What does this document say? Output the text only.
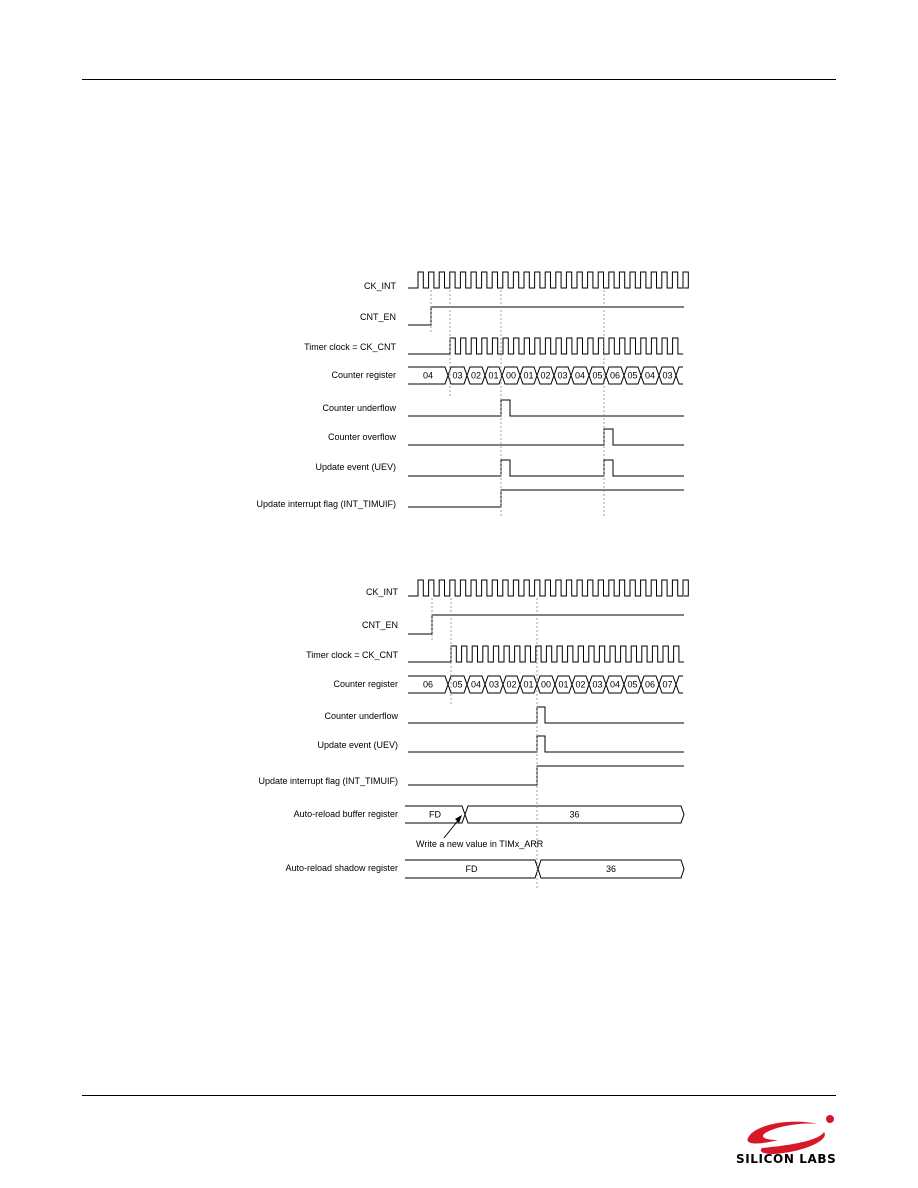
CK_INT
CNT_EN
Timer clock = CK_CNT
Counter register
Counter underflow
Counter overflow
Update event (UEV)
Update interrupt flag (INT_TIMUIF)
04 03 02 01 00 01 02 03 04 05 06 05 04 03
CK_INT
CNT_EN
Timer clock = CK_CNT
Counter register
Counter underflow
Update event (UEV)
Update interrupt flag (INT_TIMUIF)
Auto-reload buffer register
Write a new value in TIMx_ARR
Auto-reload shadow register
06 05 04 03 02 01 00 01 02 03 04 05 06 07
FD	36
FD	36
SILICON LABS
